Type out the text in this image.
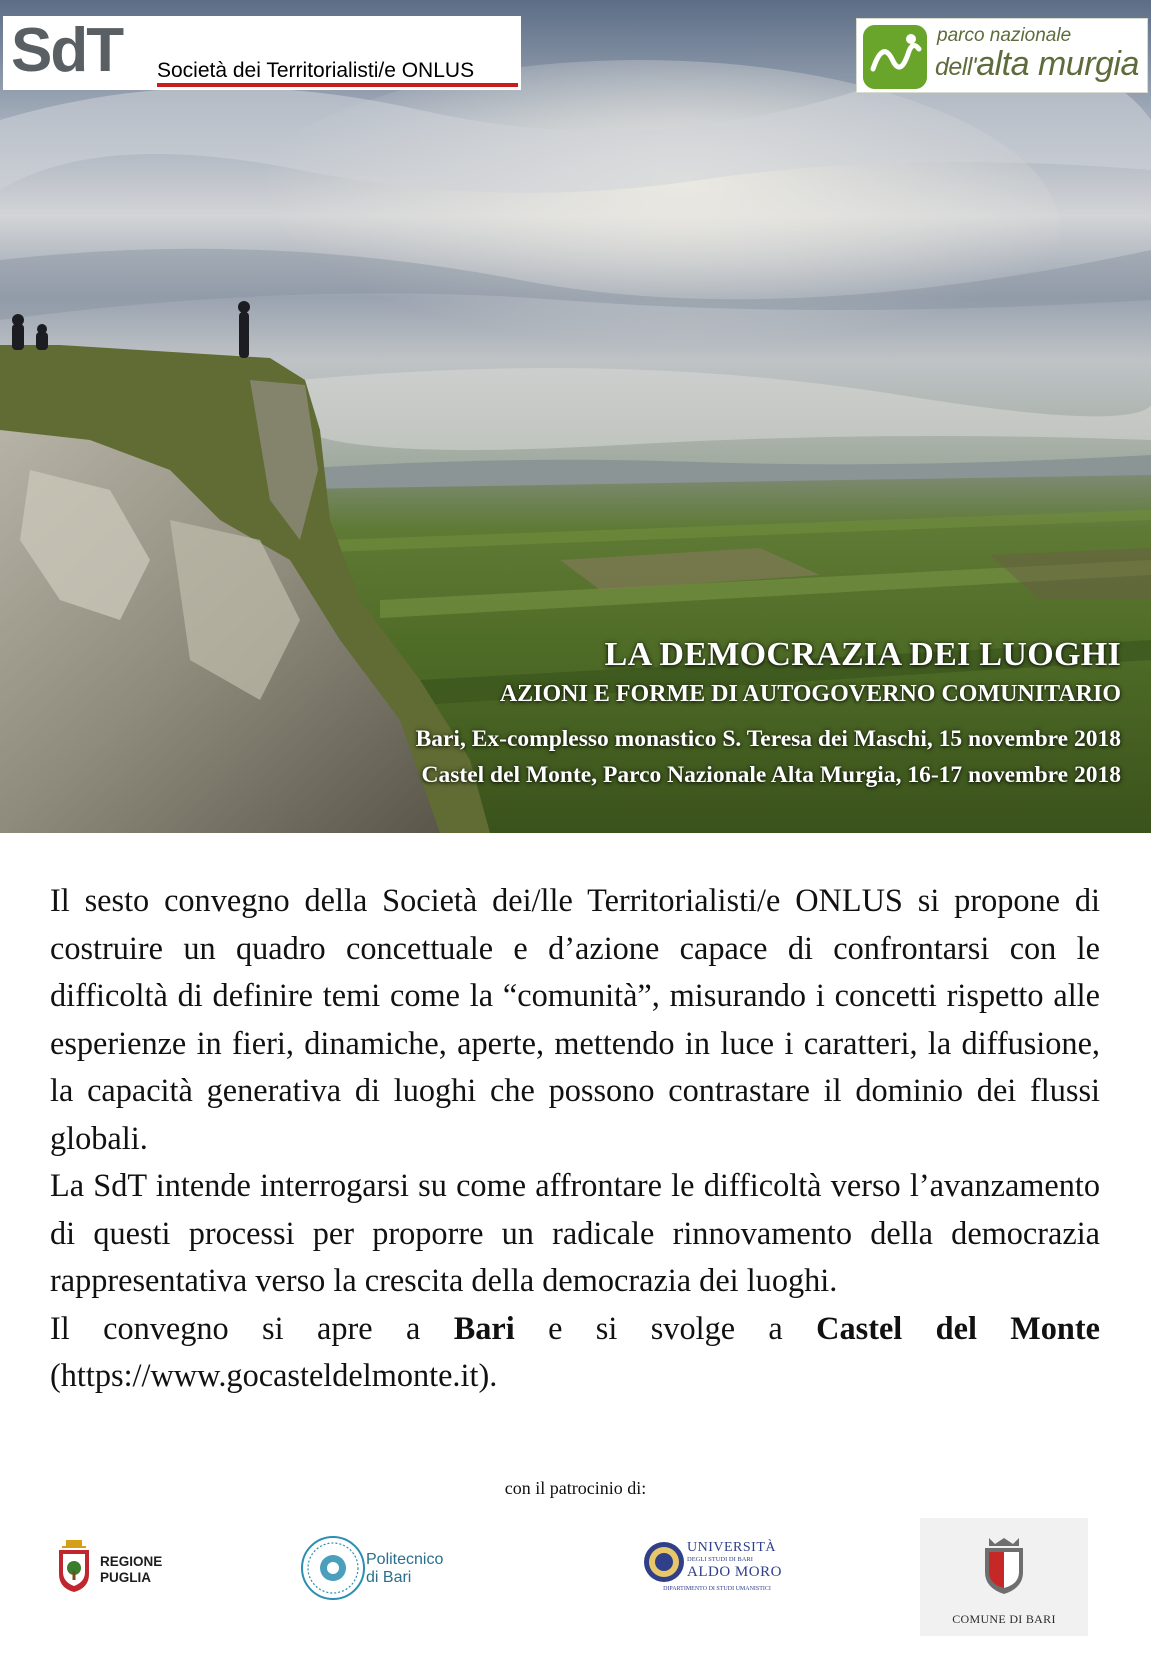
LA DEMOCRAZIA DEI LUOGHI
AZIONI E FORME DI AUTOGOVERNO COMUNITARIO
Bari, Ex-complesso monastico S. Teresa dei Maschi, 15 novembre 2018
Castel del Monte, Parco Nazionale Alta Murgia, 16-17 novembre 2018
SdT Società dei Territorialisti/e ONLUS
parco nazionale
dell'alta murgia

Il sesto convegno della Società dei/lle Territorialisti/e ONLUS si propone di costruire un quadro concettuale e d’azione capace di confrontarsi con le difficoltà di definire temi come la “comunità”, misurando i concetti rispetto alle esperienze in fieri, dinamiche, aperte, mettendo in luce i caratteri, la diffusione, la capacità generativa di luoghi che possono contrastare il dominio dei flussi globali.

La SdT intende interrogarsi su come affrontare le difficoltà verso l’avanzamento di questi processi per proporre un radicale rinnovamento della democrazia rappresentativa verso la crescita della democrazia dei luoghi.

Il convegno si apre a Bari e si svolge a Castel del Monte (https://www.gocasteldelmonte.it).

con il patrocinio di:
REGIONE PUGLIA
Politecnico
di Bari
UNIVERSITÀ
DEGLI STUDI DI BARI
ALDO MORO
DIPARTIMENTO DI STUDI UMANISTICI
COMUNE DI BARI
